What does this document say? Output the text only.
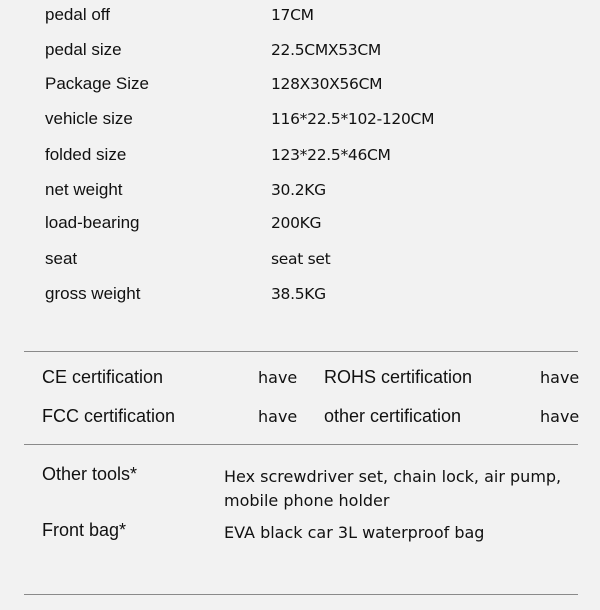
pedal off	17CM
pedal size	22.5CMX53CM
Package Size	128X30X56CM
vehicle size	116*22.5*102-120CM
folded size	123*22.5*46CM
net weight	30.2KG
load-bearing	200KG
seat	seat set
gross weight	38.5KG
CE certification	have ROHS certification	have
FCC certification	have other certification	have
Other tools*	Hex screwdriver set, chain lock, air pump, mobile phone holder
Front bag*	EVA black car 3L waterproof bag
